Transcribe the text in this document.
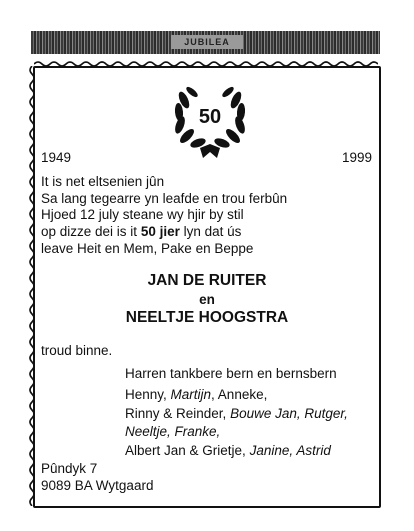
JUBILEA
50
1949	1999
It is net eltsenien jûn
Sa lang tegearre yn leafde en trou ferbûn
Hjoed 12 july steane wy hjir by stil
op dizze dei is it 50 jier lyn dat ús
leave Heit en Mem, Pake en Beppe
JAN DE RUITER
en
NEELTJE HOOGSTRA
troud binne.
Harren tankbere bern en bernsbern
Henny, Martijn, Anneke,
Rinny & Reinder, Bouwe Jan, Rutger,
Neeltje, Franke,
Albert Jan & Grietje, Janine, Astrid
Pûndyk 7
9089 BA Wytgaard
